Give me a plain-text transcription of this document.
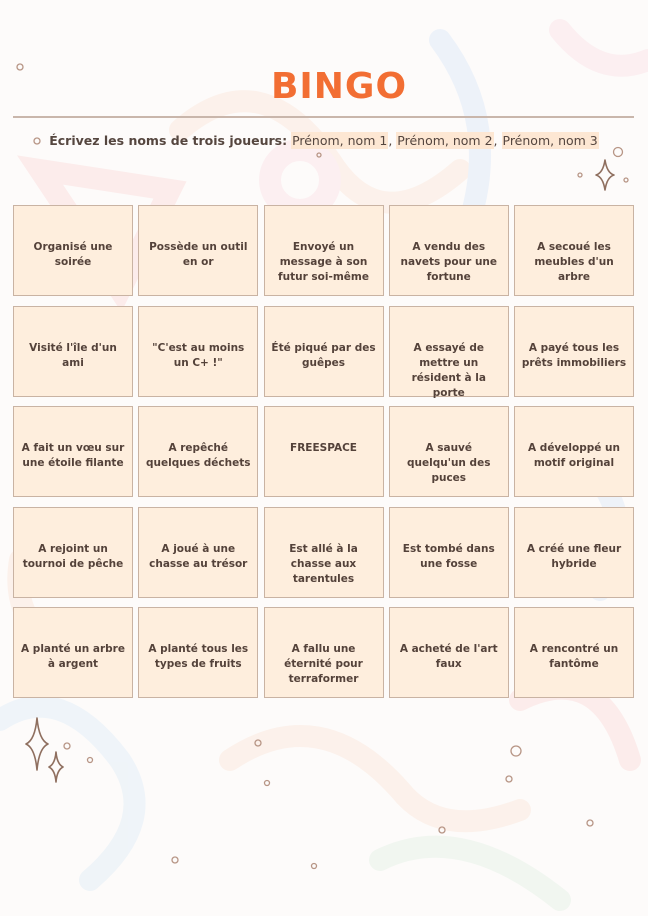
BINGO
Écrivez les noms de trois joueurs: Prénom, nom 1, Prénom, nom 2, Prénom, nom 3
Organisé une soirée
Possède un outil en or
Envoyé un message à son futur soi-même
A vendu des navets pour une fortune
A secoué les meubles d'un arbre
Visité l'île d'un ami
"C'est au moins un C+ !"
Été piqué par des guêpes
A essayé de mettre un résident à la porte
A payé tous les prêts immobiliers
A fait un vœu sur une étoile filante
A repêché quelques déchets
FREESPACE	A sauvé quelqu'un des puces
A développé un motif original
A rejoint un tournoi de pêche
A joué à une chasse au trésor
Est allé à la chasse aux tarentules
Est tombé dans une fosse
A créé une fleur hybride
A planté un arbre à argent
A planté tous les types de fruits
A fallu une éternité pour terraformer
A acheté de l'art faux
A rencontré un fantôme
